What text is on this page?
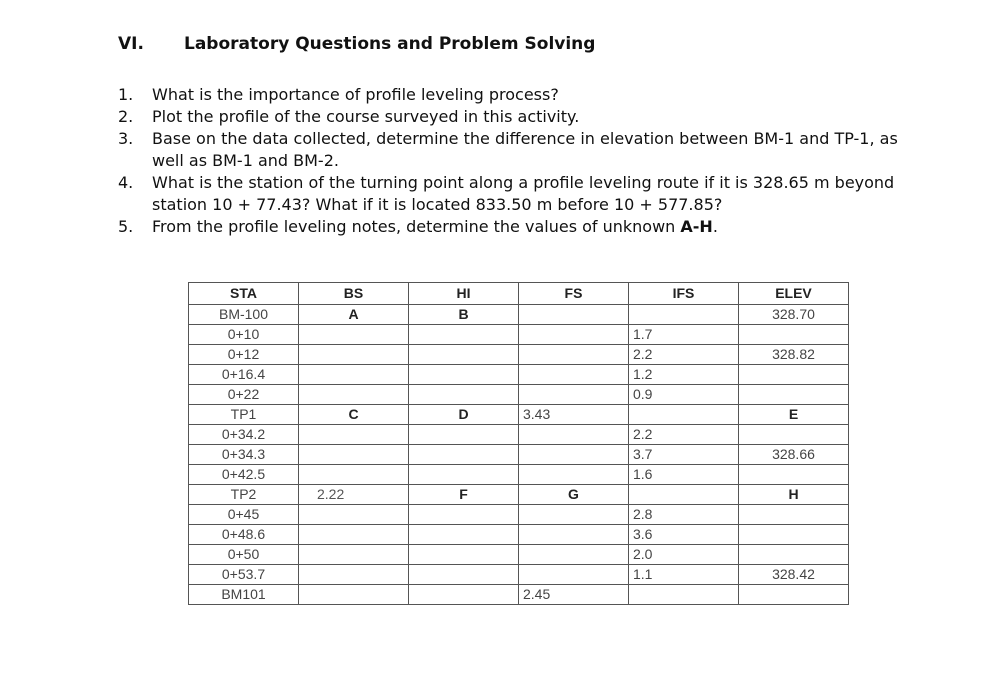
VI. Laboratory Questions and Problem Solving
1. What is the importance of profile leveling process?
2. Plot the profile of the course surveyed in this activity.
3. Base on the data collected, determine the difference in elevation between BM-1 and TP-1, as well as BM-1 and BM-2.
4. What is the station of the turning point along a profile leveling route if it is 328.65 m beyond station 10 + 77.43? What if it is located 833.50 m before 10 + 577.85?
5. From the profile leveling notes, determine the values of unknown A-H.
STA	BS	HI	FS	IFS	ELEV
BM-100	A	B			328.70
0+10				1.7	
0+12				2.2	328.82
0+16.4				1.2	
0+22				0.9	
TP1	C	D	3.43		E
0+34.2				2.2	
0+34.3				3.7	328.66
0+42.5				1.6	
TP2	2.22	F	G		H
0+45				2.8	
0+48.6				3.6	
0+50				2.0	
0+53.7				1.1	328.42
BM101			2.45		
